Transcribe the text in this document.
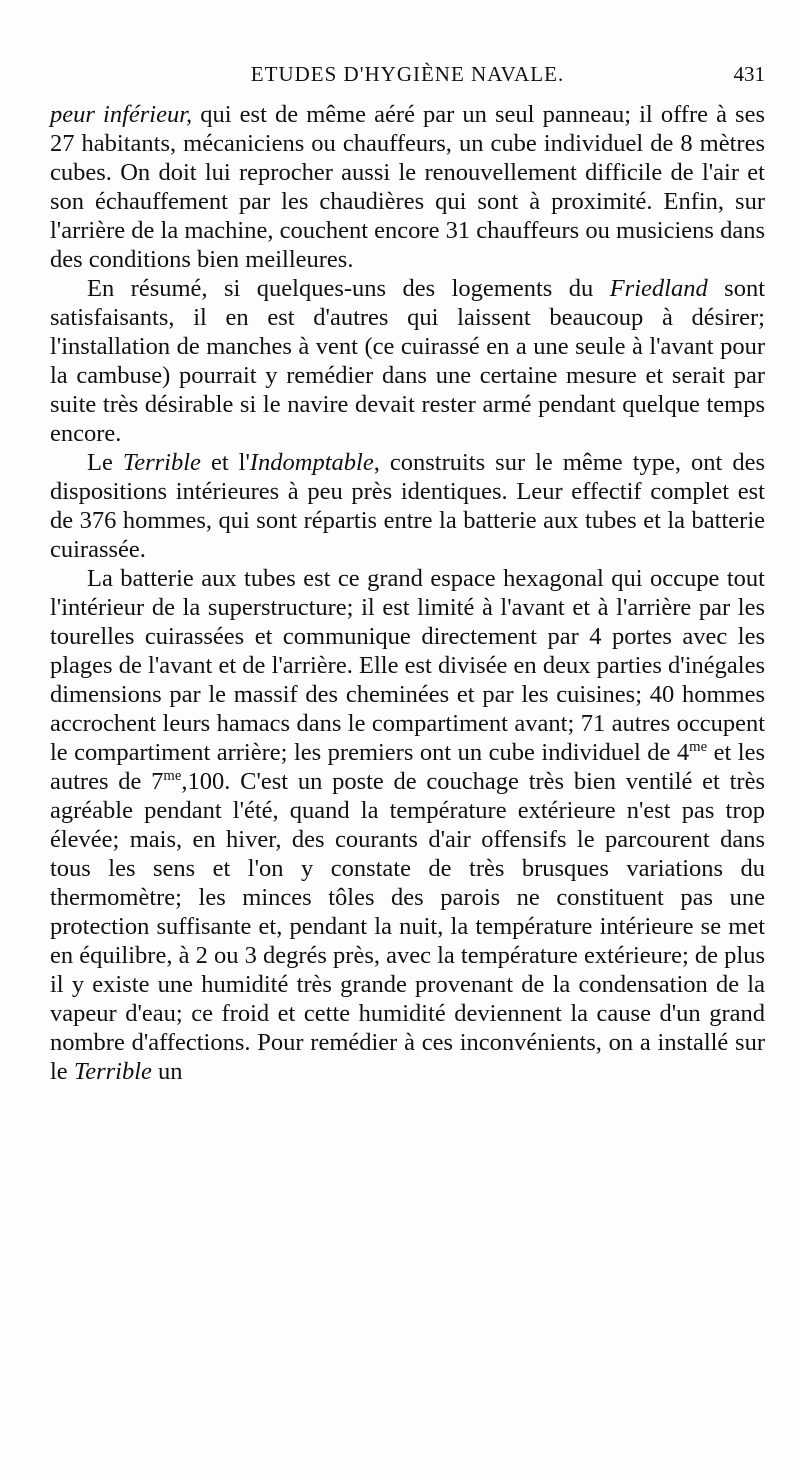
ETUDES D'HYGIÈNE NAVALE.	431

peur inférieur, qui est de même aéré par un seul panneau; il offre à ses 27 habitants, mécaniciens ou chauffeurs, un cube individuel de 8 mètres cubes. On doit lui reprocher aussi le renouvellement difficile de l'air et son échauffement par les chaudières qui sont à proximité. Enfin, sur l'arrière de la machine, couchent encore 31 chauffeurs ou musiciens dans des conditions bien meilleures.

En résumé, si quelques-uns des logements du Friedland sont satisfaisants, il en est d'autres qui laissent beaucoup à désirer; l'installation de manches à vent (ce cuirassé en a une seule à l'avant pour la cambuse) pourrait y remédier dans une certaine mesure et serait par suite très désirable si le navire devait rester armé pendant quelque temps encore.

Le Terrible et l'Indomptable, construits sur le même type, ont des dispositions intérieures à peu près identiques. Leur effectif complet est de 376 hommes, qui sont répartis entre la batterie aux tubes et la batterie cuirassée.

La batterie aux tubes est ce grand espace hexagonal qui occupe tout l'intérieur de la superstructure; il est limité à l'avant et à l'arrière par les tourelles cuirassées et communique directement par 4 portes avec les plages de l'avant et de l'arrière. Elle est divisée en deux parties d'inégales dimensions par le massif des cheminées et par les cuisines; 40 hommes accrochent leurs hamacs dans le compartiment avant; 71 autres occupent le compartiment arrière; les premiers ont un cube individuel de $4^{me}$ et les autres de $7^{me},100$. C'est un poste de couchage très bien ventilé et très agréable pendant l'été, quand la température extérieure n'est pas trop élevée; mais, en hiver, des courants d'air offensifs le parcourent dans tous les sens et l'on y constate de très brusques variations du thermomètre; les minces tôles des parois ne constituent pas une protection suffisante et, pendant la nuit, la température intérieure se met en équilibre, à 2 ou 3 degrés près, avec la température extérieure; de plus il y existe une humidité très grande provenant de la condensation de la vapeur d'eau; ce froid et cette humidité deviennent la cause d'un grand nombre d'affections. Pour remédier à ces inconvénients, on a installé sur le Terrible un
